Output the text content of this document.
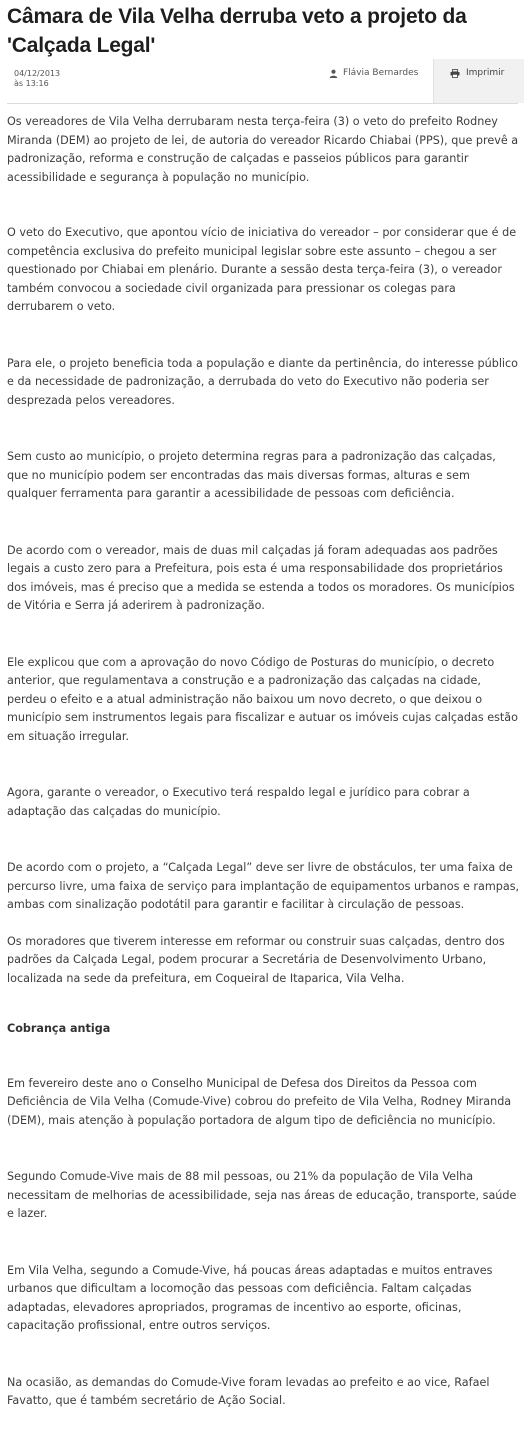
Câmara de Vila Velha derruba veto a projeto da 'Calçada Legal'
04/12/2013
às 13:16
Flávia Bernardes	Imprimir

Os vereadores de Vila Velha derrubaram nesta terça-feira (3) o veto do prefeito Rodney Miranda (DEM) ao projeto de lei, de autoria do vereador Ricardo Chiabai (PPS), que prevê a padronização, reforma e construção de calçadas e passeios públicos para garantir acessibilidade e segurança à população no município.

O veto do Executivo, que apontou vício de iniciativa do vereador – por considerar que é de competência exclusiva do prefeito municipal legislar sobre este assunto – chegou a ser questionado por Chiabai em plenário. Durante a sessão desta terça-feira (3), o vereador também convocou a sociedade civil organizada para pressionar os colegas para derrubarem o veto.

Para ele, o projeto beneficia toda a população e diante da pertinência, do interesse público e da necessidade de padronização, a derrubada do veto do Executivo não poderia ser desprezada pelos vereadores.

Sem custo ao município, o projeto determina regras para a padronização das calçadas, que no município podem ser encontradas das mais diversas formas, alturas e sem qualquer ferramenta para garantir a acessibilidade de pessoas com deficiência.

De acordo com o vereador, mais de duas mil calçadas já foram adequadas aos padrões legais a custo zero para a Prefeitura, pois esta é uma responsabilidade dos proprietários dos imóveis, mas é preciso que a medida se estenda a todos os moradores. Os municípios de Vitória e Serra já aderirem à padronização.

Ele explicou que com a aprovação do novo Código de Posturas do município, o decreto anterior, que regulamentava a construção e a padronização das calçadas na cidade, perdeu o efeito e a atual administração não baixou um novo decreto, o que deixou o município sem instrumentos legais para fiscalizar e autuar os imóveis cujas calçadas estão em situação irregular.

Agora, garante o vereador, o Executivo terá respaldo legal e jurídico para cobrar a adaptação das calçadas do município.

De acordo com o projeto, a “Calçada Legal” deve ser livre de obstáculos, ter uma faixa de percurso livre, uma faixa de serviço para implantação de equipamentos urbanos e rampas, ambas com sinalização podotátil para garantir e facilitar à circulação de pessoas.

Os moradores que tiverem interesse em reformar ou construir suas calçadas, dentro dos padrões da Calçada Legal, podem procurar a Secretária de Desenvolvimento Urbano, localizada na sede da prefeitura, em Coqueiral de Itaparica, Vila Velha.

Cobrança antiga

Em fevereiro deste ano o Conselho Municipal de Defesa dos Direitos da Pessoa com Deficiência de Vila Velha (Comude-Vive) cobrou do prefeito de Vila Velha, Rodney Miranda (DEM), mais atenção à população portadora de algum tipo de deficiência no município.

Segundo Comude-Vive mais de 88 mil pessoas, ou 21% da população de Vila Velha necessitam de melhorias de acessibilidade, seja nas áreas de educação, transporte, saúde e lazer.

Em Vila Velha, segundo a Comude-Vive, há poucas áreas adaptadas e muitos entraves urbanos que dificultam a locomoção das pessoas com deficiência. Faltam calçadas adaptadas, elevadores apropriados, programas de incentivo ao esporte, oficinas, capacitação profissional, entre outros serviços.

Na ocasião, as demandas do Comude-Vive foram levadas ao prefeito e ao vice, Rafael Favatto, que é também secretário de Ação Social.
